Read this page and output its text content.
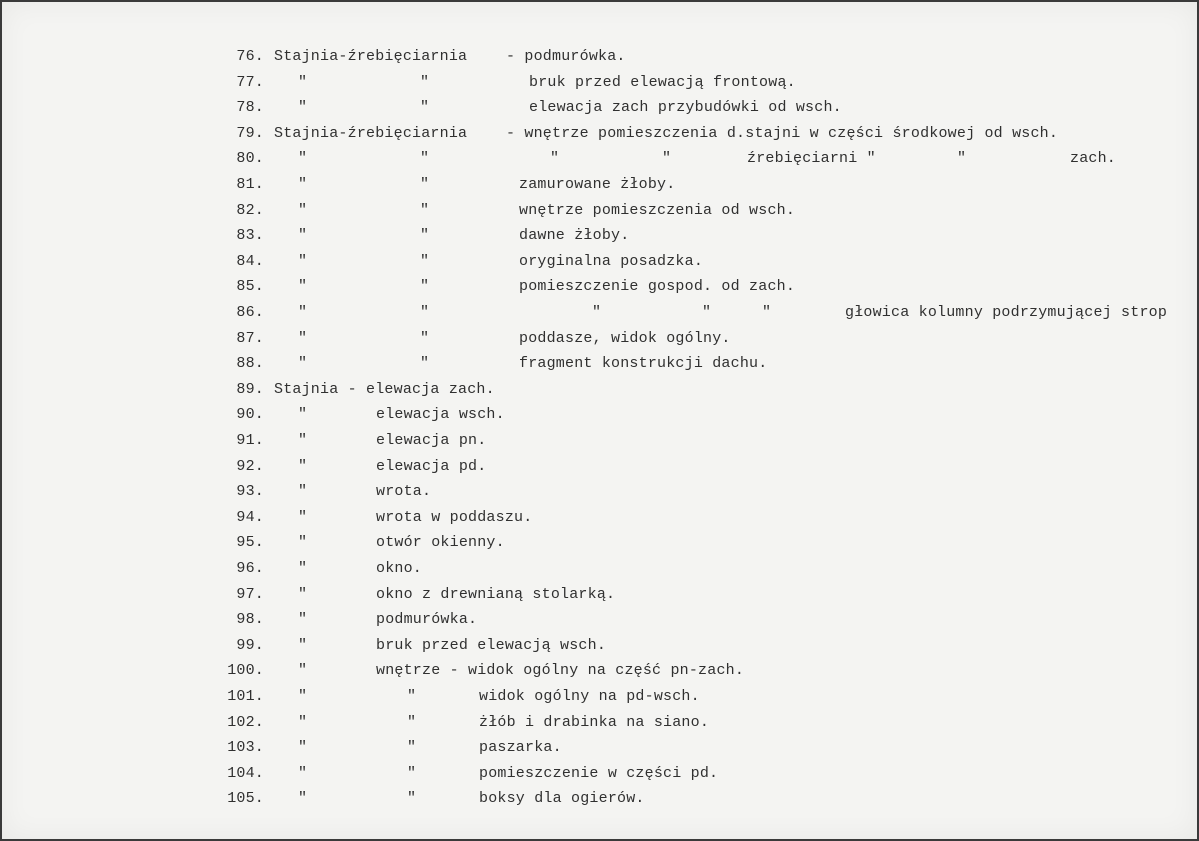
76. Stajnia-źrebięciarnia	- podmurówka.
77. "	"	bruk przed elewacją frontową.
78. "	"	elewacja zach przybudówki od wsch.
79. Stajnia-źrebięciarnia	- wnętrze pomieszczenia d.stajni w części środkowej od wsch.
80. "	"	"	"	źrebięciarni "	"	zach.
81. "	"	zamurowane żłoby.
82. "	"	wnętrze pomieszczenia od wsch.
83. "	"	dawne żłoby.
84. "	"	oryginalna posadzka.
85. "	"	pomieszczenie gospod. od zach.
86. "	"	"	"	"	głowica kolumny podrzymującej strop
87. "	"	poddasze, widok ogólny.
88. "	"	fragment konstrukcji dachu.
89. Stajnia - elewacja zach.
90. "	elewacja wsch.
91. "	elewacja pn.
92. "	elewacja pd.
93. "	wrota.
94. "	wrota w poddaszu.
95. "	otwór okienny.
96. "	okno.
97. "	okno z drewnianą stolarką.
98. "	podmurówka.
99. "	bruk przed elewacją wsch.
100. "	wnętrze - widok ogólny na część pn-zach.
101. "	"	widok ogólny na pd-wsch.
102. "	"	żłób i drabinka na siano.
103. "	"	paszarka.
104. "	"	pomieszczenie w części pd.
105. "	"	boksy dla ogierów.
